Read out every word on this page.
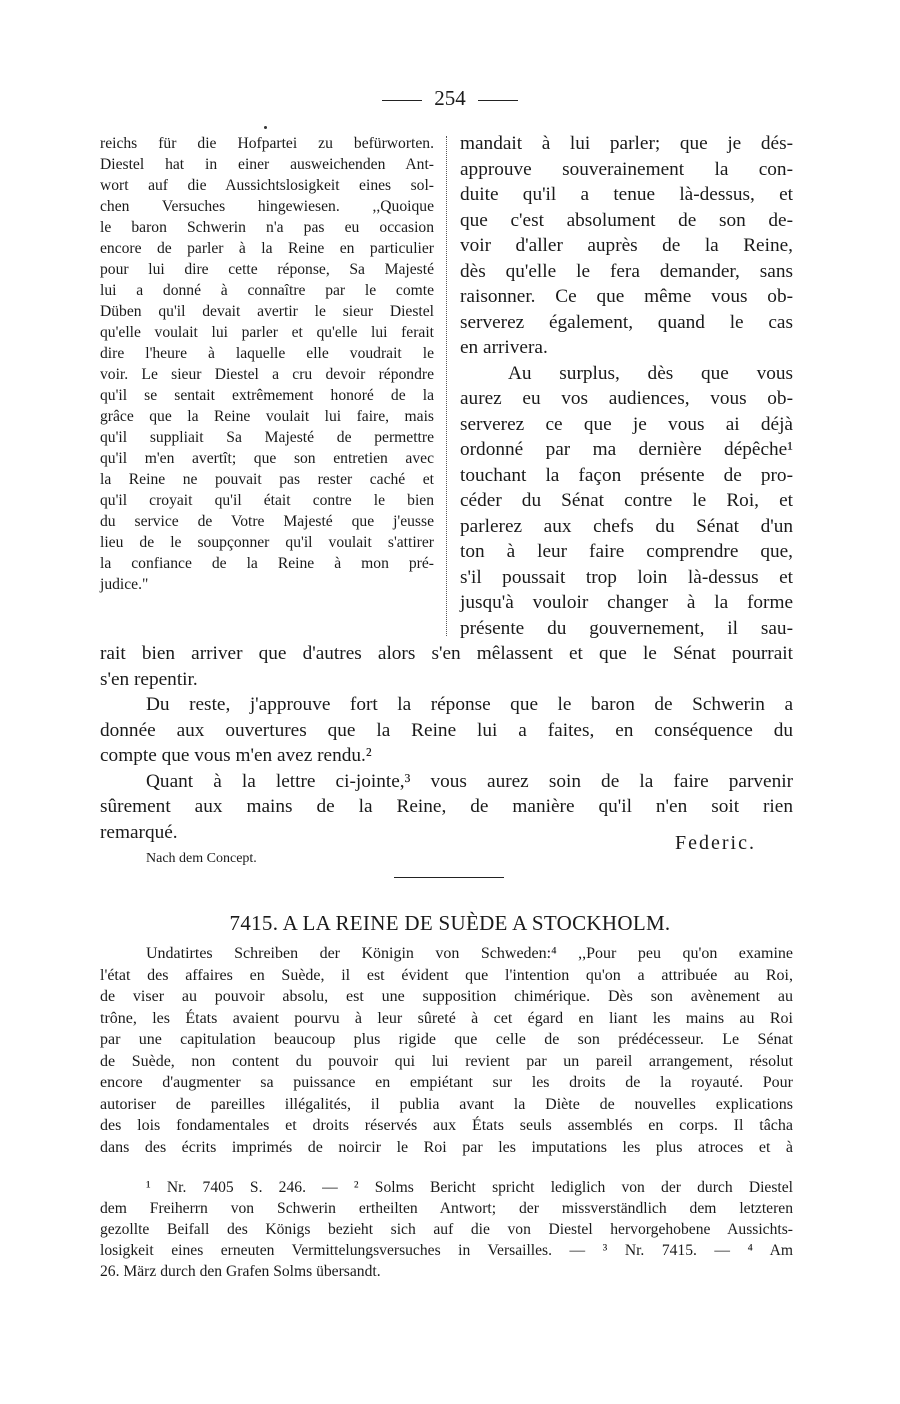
254
reichs für die Hofpartei zu befürworten.
Diestel hat in einer ausweichenden Ant-
wort auf die Aussichtslosigkeit eines sol-
chen Versuches hingewiesen. ,,Quoique
le baron Schwerin n'a pas eu occasion
encore de parler à la Reine en particulier
pour lui dire cette réponse, Sa Majesté
lui a donné à connaître par le comte
Düben qu'il devait avertir le sieur Diestel
qu'elle voulait lui parler et qu'elle lui ferait
dire l'heure à laquelle elle voudrait le
voir. Le sieur Diestel a cru devoir répondre
qu'il se sentait extrêmement honoré de la
grâce que la Reine voulait lui faire, mais
qu'il suppliait Sa Majesté de permettre
qu'il m'en avertît; que son entretien avec
la Reine ne pouvait pas rester caché et
qu'il croyait qu'il était contre le bien
du service de Votre Majesté que j'eusse
lieu de le soupçonner qu'il voulait s'attirer
la confiance de la Reine à mon pré-
judice."
mandait à lui parler; que je dés-
approuve souverainement la con-
duite qu'il a tenue là-dessus, et
que c'est absolument de son de-
voir d'aller auprès de la Reine,
dès qu'elle le fera demander, sans
raisonner. Ce que même vous ob-
serverez également, quand le cas
en arrivera.
Au surplus, dès que vous
aurez eu vos audiences, vous ob-
serverez ce que je vous ai déjà
ordonné par ma dernière dépêche¹
touchant la façon présente de pro-
céder du Sénat contre le Roi, et
parlerez aux chefs du Sénat d'un
ton à leur faire comprendre que,
s'il poussait trop loin là-dessus et
jusqu'à vouloir changer à la forme
présente du gouvernement, il sau-
rait bien arriver que d'autres alors s'en mêlassent et que le Sénat pourrait
s'en repentir.
Du reste, j'approuve fort la réponse que le baron de Schwerin a
donnée aux ouvertures que la Reine lui a faites, en conséquence du
compte que vous m'en avez rendu.²
Quant à la lettre ci-jointe,³ vous aurez soin de la faire parvenir
sûrement aux mains de la Reine, de manière qu'il n'en soit rien
remarqué.	Federic.
Nach dem Concept.
7415. A LA REINE DE SUÈDE A STOCKHOLM.
Undatirtes Schreiben der Königin von Schweden:⁴ ,,Pour peu qu'on examine
l'état des affaires en Suède, il est évident que l'intention qu'on a attribuée au Roi,
de viser au pouvoir absolu, est une supposition chimérique. Dès son avènement au
trône, les États avaient pourvu à leur sûreté à cet égard en liant les mains au Roi
par une capitulation beaucoup plus rigide que celle de son prédécesseur. Le Sénat
de Suède, non content du pouvoir qui lui revient par un pareil arrangement, résolut
encore d'augmenter sa puissance en empiétant sur les droits de la royauté. Pour
autoriser de pareilles illégalités, il publia avant la Diète de nouvelles explications
des lois fondamentales et droits réservés aux États seuls assemblés en corps. Il tâcha
dans des écrits imprimés de noircir le Roi par les imputations les plus atroces et à
¹ Nr. 7405 S. 246. — ² Solms Bericht spricht lediglich von der durch Diestel
dem Freiherrn von Schwerin ertheilten Antwort; der missverständlich dem letzteren
gezollte Beifall des Königs bezieht sich auf die von Diestel hervorgehobene Aussichts-
losigkeit eines erneuten Vermittelungsversuches in Versailles. — ³ Nr. 7415. — ⁴ Am
26. März durch den Grafen Solms übersandt.
